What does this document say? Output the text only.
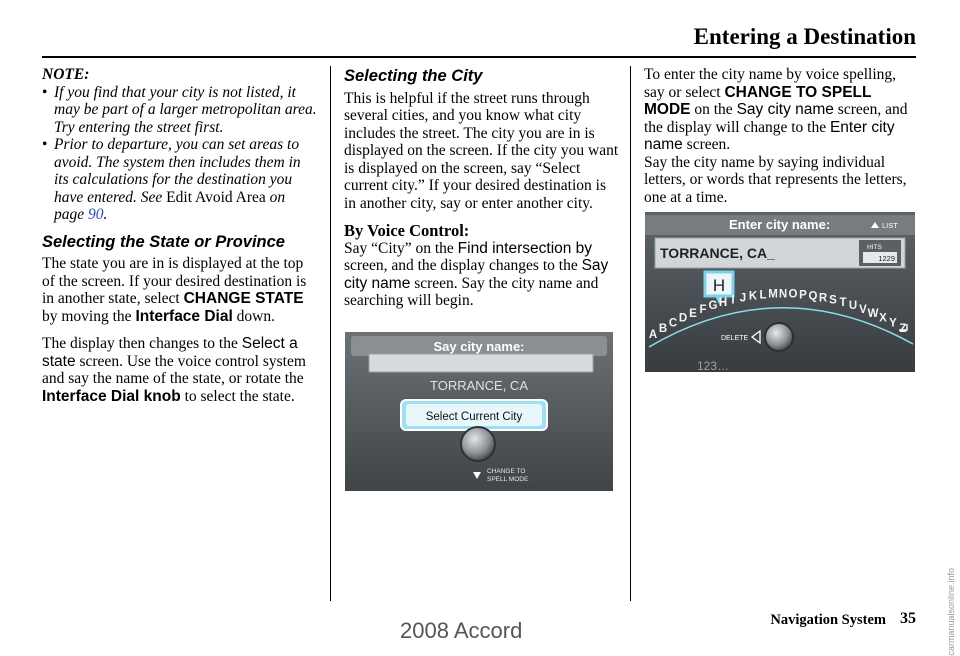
Entering a Destination
NOTE:
• If you find that your city is not listed, it may be part of a larger metropolitan area. Try entering the street first.
• Prior to departure, you can set areas to avoid. The system then includes them in its calculations for the destination you have entered. See Edit Avoid Area on page 90.
Selecting the State or Province

The state you are in is displayed at the top of the screen. If your desired destination is in another state, select CHANGE STATE by moving the Interface Dial down.

The display then changes to the Select a state screen. Use the voice control system and say the name of the state, or rotate the Interface Dial knob to select the state.

Selecting the City

This is helpful if the street runs through several cities, and you know what city includes the street. The city you are in is displayed on the screen. If the city you want is displayed on the screen, say “Select current city.” If your desired destination is in another city, say or enter another city.

By Voice Control:

Say “City” on the Find intersection by screen, and the display changes to the Say city name screen. Say the city name and searching will begin.

Say city name:
TORRANCE, CA
Select Current City
CHANGE TO
SPELL MODE

To enter the city name by voice spelling, say or select CHANGE TO SPELL MODE on the Say city name screen, and the display will change to the Enter city name screen.

Say the city name by saying individual letters, or words that represents the letters, one at a time.

Enter city name:	LIST
TORRANCE, CA_	HITS
1229
H
A B C D E F G H I J K L M N O P Q R S T U V W X Y Z
DELETE
123…
Navigation System 35
2008 Accord	carmanualsonline.info
